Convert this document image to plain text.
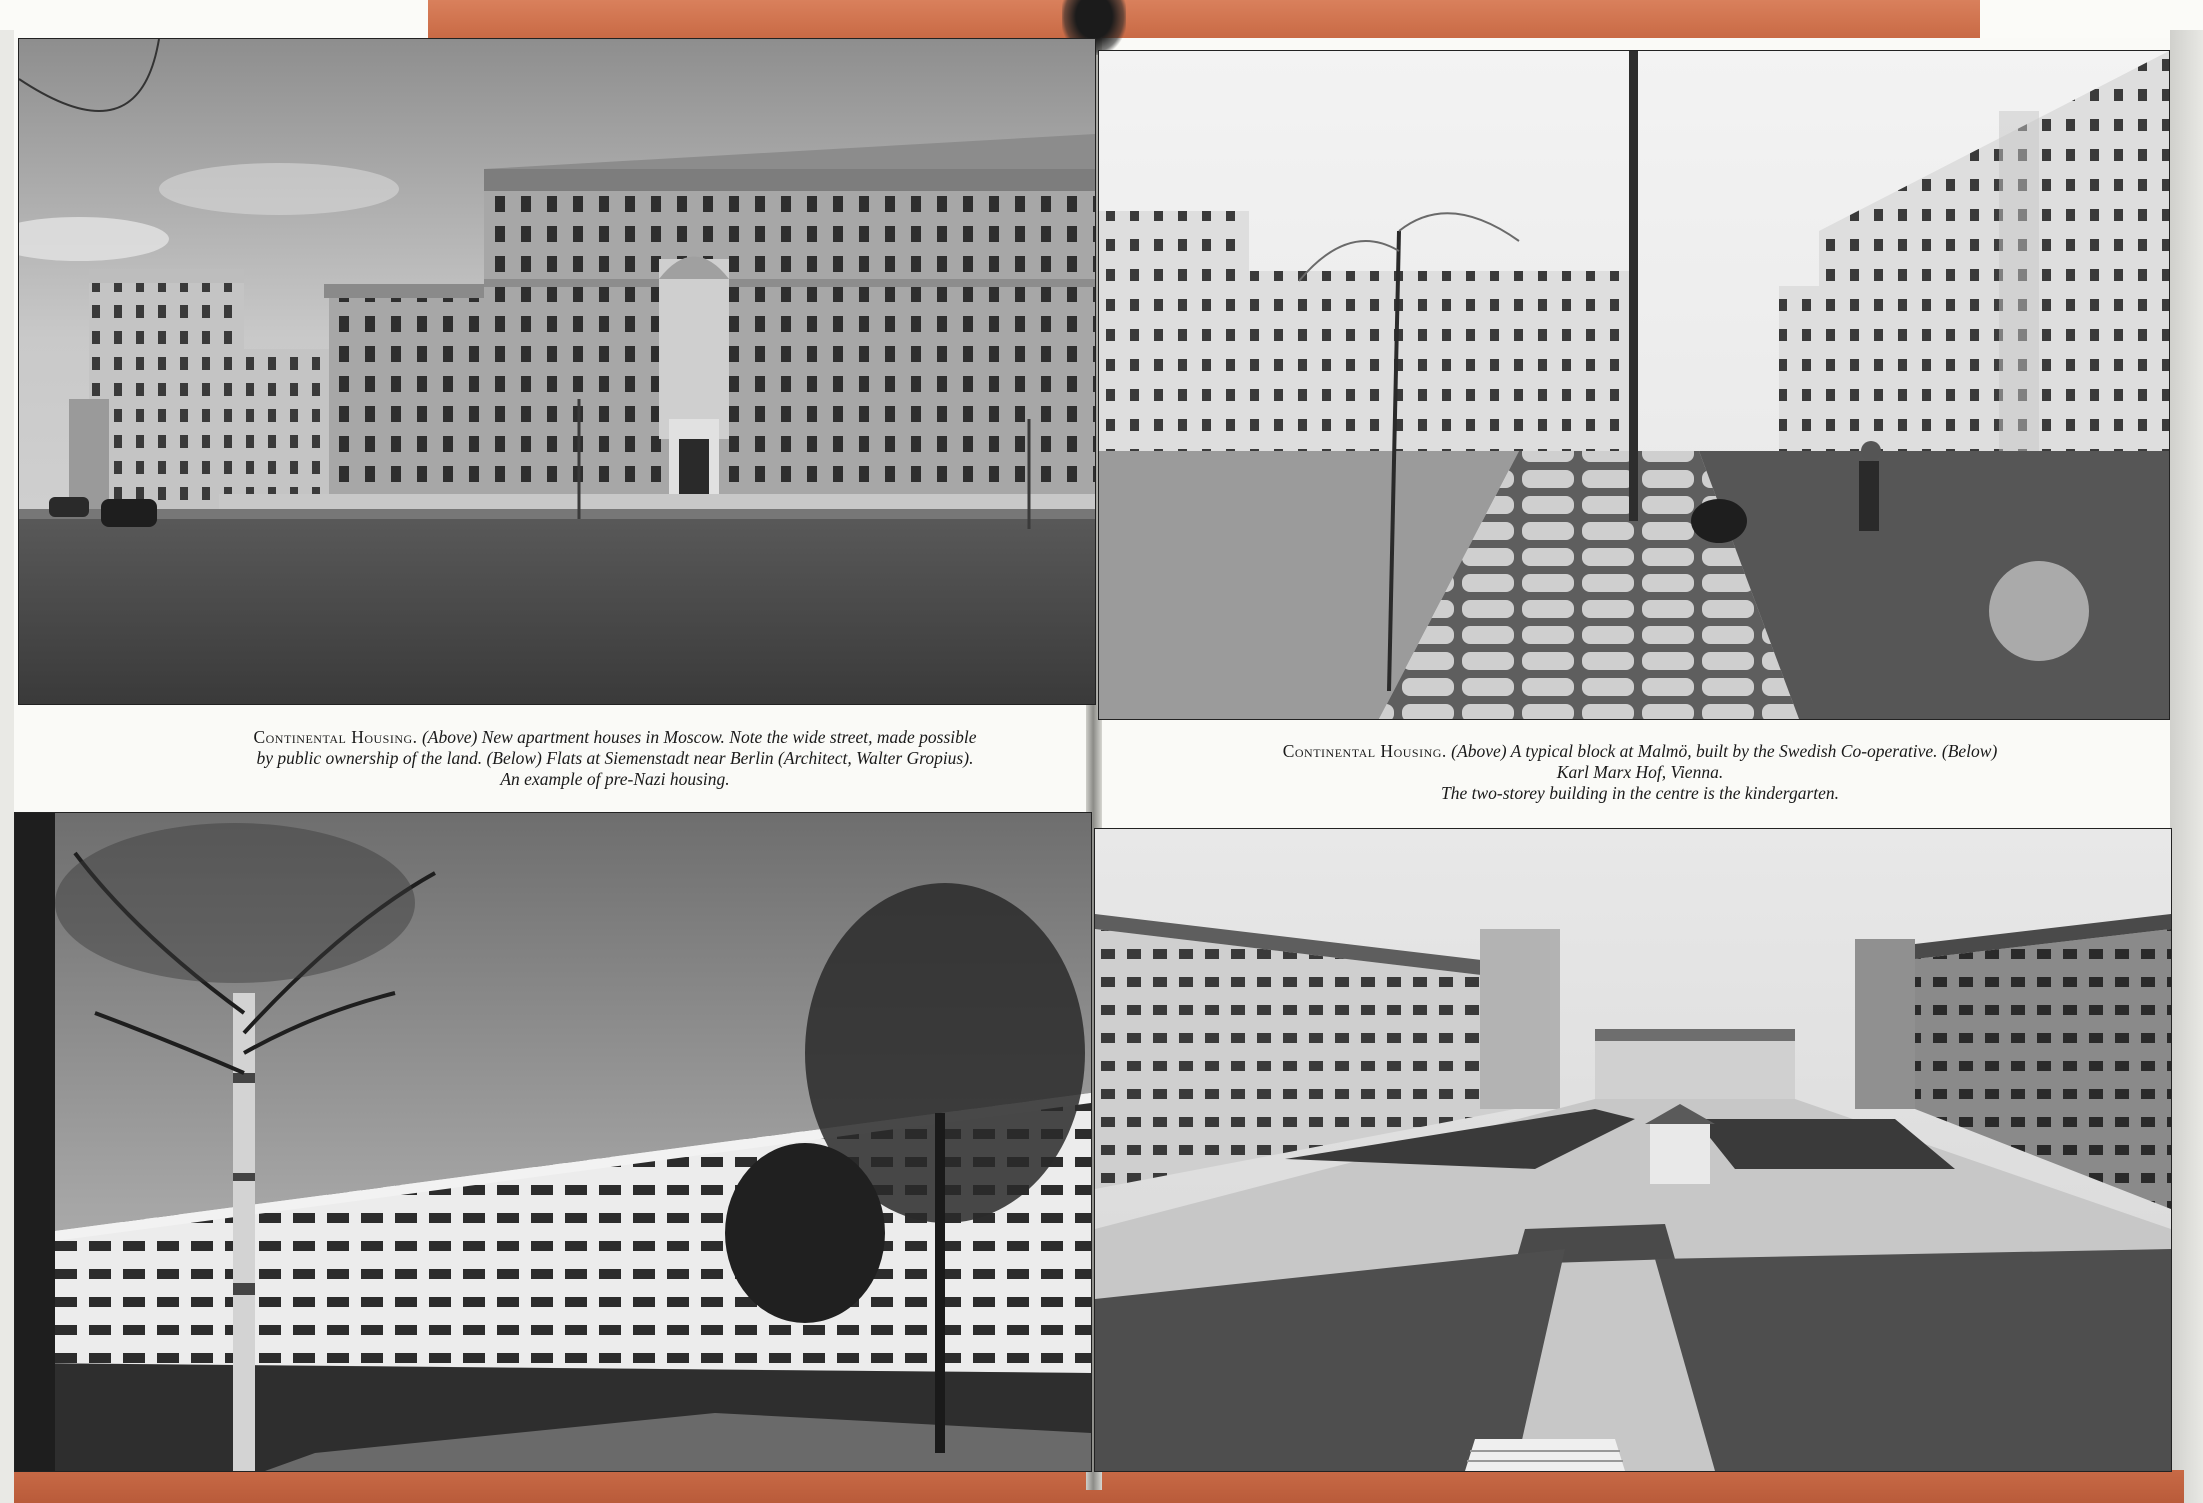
Continental Housing. (Above) New apartment houses in Moscow. Note the wide street, made possible
by public ownership of the land. (Below) Flats at Siemenstadt near Berlin (Architect, Walter Gropius).
An example of pre-Nazi housing.
Continental Housing. (Above) A typical block at Malmö, built by the Swedish Co-operative. (Below)
Karl Marx Hof, Vienna.
The two-storey building in the centre is the kindergarten.
